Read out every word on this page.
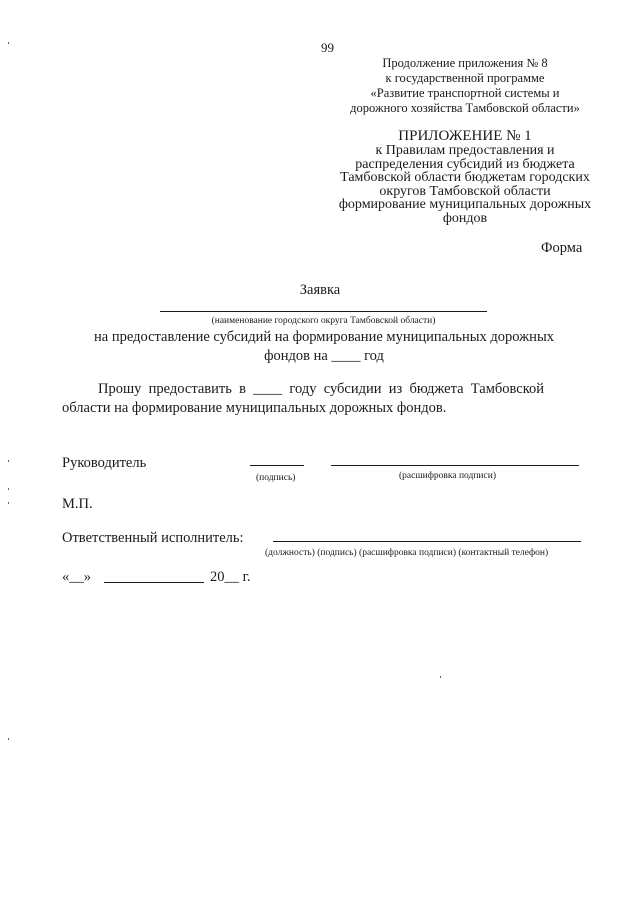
99
Продолжение приложения № 8
к государственной программе
«Развитие транспортной системы и
дорожного хозяйства Тамбовской области»
ПРИЛОЖЕНИЕ № 1
к Правилам предоставления и
распределения субсидий из бюджета
Тамбовской области бюджетам городских
округов Тамбовской области
формирование муниципальных дорожных
фондов
Форма
Заявка
(наименование городского округа Тамбовской области)
на предоставление субсидий на формирование муниципальных дорожных
фондов на ____ год
Прошу  предоставить  в  ____  году  субсидии  из  бюджета  Тамбовской
области на формирование муниципальных дорожных фондов.
Руководитель
(подпись)	(расшифровка подписи)
М.П.
Ответственный исполнитель:
(должность) (подпись) (расшифровка подписи) (контактный телефон)
«__»	20__ г.
